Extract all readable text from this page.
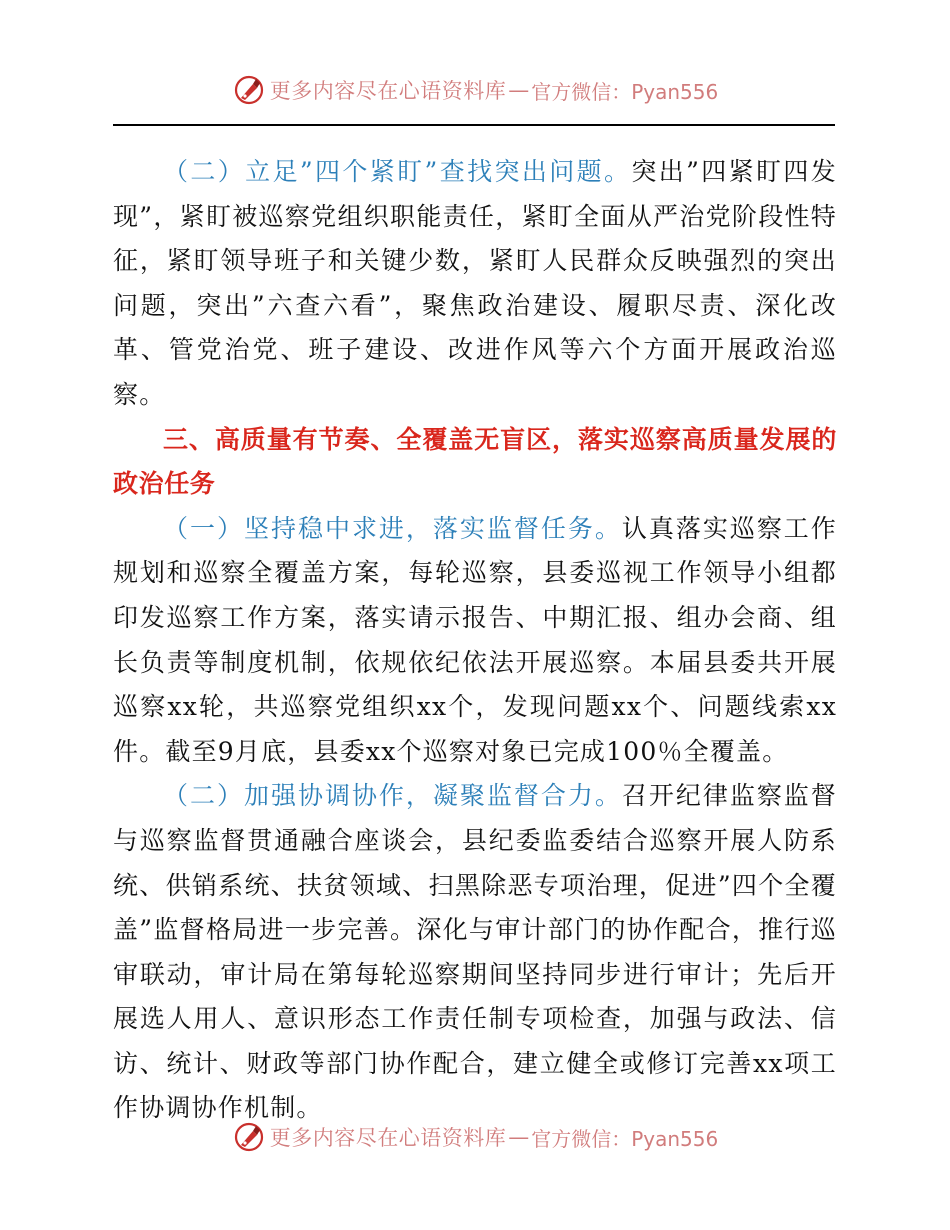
更多内容尽在心语资料库 — 官方微信：Pyan556

（二）立足”四个紧盯”查找突出问题。突出”四紧盯四发现”，紧盯被巡察党组织职能责任，紧盯全面从严治党阶段性特征，紧盯领导班子和关键少数，紧盯人民群众反映强烈的突出问题，突出”六查六看”，聚焦政治建设、履职尽责、深化改革、管党治党、班子建设、改进作风等六个方面开展政治巡察。

三、高质量有节奏、全覆盖无盲区，落实巡察高质量发展的政治任务

（一）坚持稳中求进，落实监督任务。认真落实巡察工作规划和巡察全覆盖方案，每轮巡察，县委巡视工作领导小组都印发巡察工作方案，落实请示报告、中期汇报、组办会商、组长负责等制度机制，依规依纪依法开展巡察。本届县委共开展巡察xx轮，共巡察党组织xx个，发现问题xx个、问题线索xx件。截至9月底，县委xx个巡察对象已完成100％全覆盖。

（二）加强协调协作，凝聚监督合力。召开纪律监察监督与巡察监督贯通融合座谈会，县纪委监委结合巡察开展人防系统、供销系统、扶贫领域、扫黑除恶专项治理，促进”四个全覆盖”监督格局进一步完善。深化与审计部门的协作配合，推行巡审联动，审计局在第每轮巡察期间坚持同步进行审计；先后开展选人用人、意识形态工作责任制专项检查，加强与政法、信访、统计、财政等部门协作配合，建立健全或修订完善xx项工作协调协作机制。

更多内容尽在心语资料库 — 官方微信：Pyan556
